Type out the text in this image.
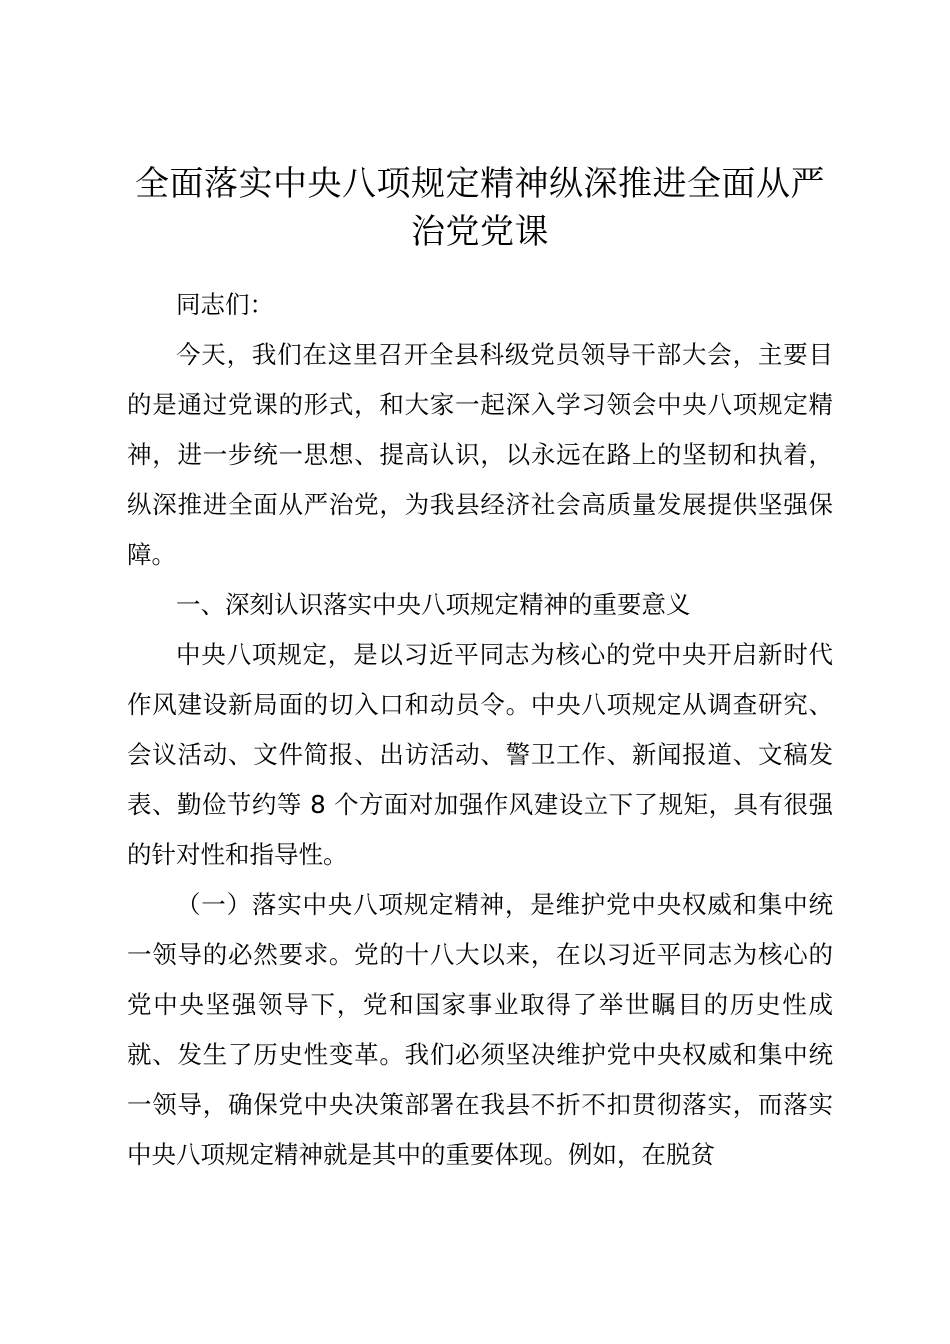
全面落实中央八项规定精神纵深推进全面从严治党党课

同志们：

今天，我们在这里召开全县科级党员领导干部大会，主要目的是通过党课的形式，和大家一起深入学习领会中央八项规定精神，进一步统一思想、提高认识，以永远在路上的坚韧和执着，纵深推进全面从严治党，为我县经济社会高质量发展提供坚强保障。

一、深刻认识落实中央八项规定精神的重要意义

中央八项规定，是以习近平同志为核心的党中央开启新时代作风建设新局面的切入口和动员令。中央八项规定从调查研究、会议活动、文件简报、出访活动、警卫工作、新闻报道、文稿发表、勤俭节约等 8 个方面对加强作风建设立下了规矩，具有很强的针对性和指导性。

（一）落实中央八项规定精神，是维护党中央权威和集中统一领导的必然要求。党的十八大以来，在以习近平同志为核心的党中央坚强领导下，党和国家事业取得了举世瞩目的历史性成就、发生了历史性变革。我们必须坚决维护党中央权威和集中统一领导，确保党中央决策部署在我县不折不扣贯彻落实，而落实中央八项规定精神就是其中的重要体现。例如，在脱贫
